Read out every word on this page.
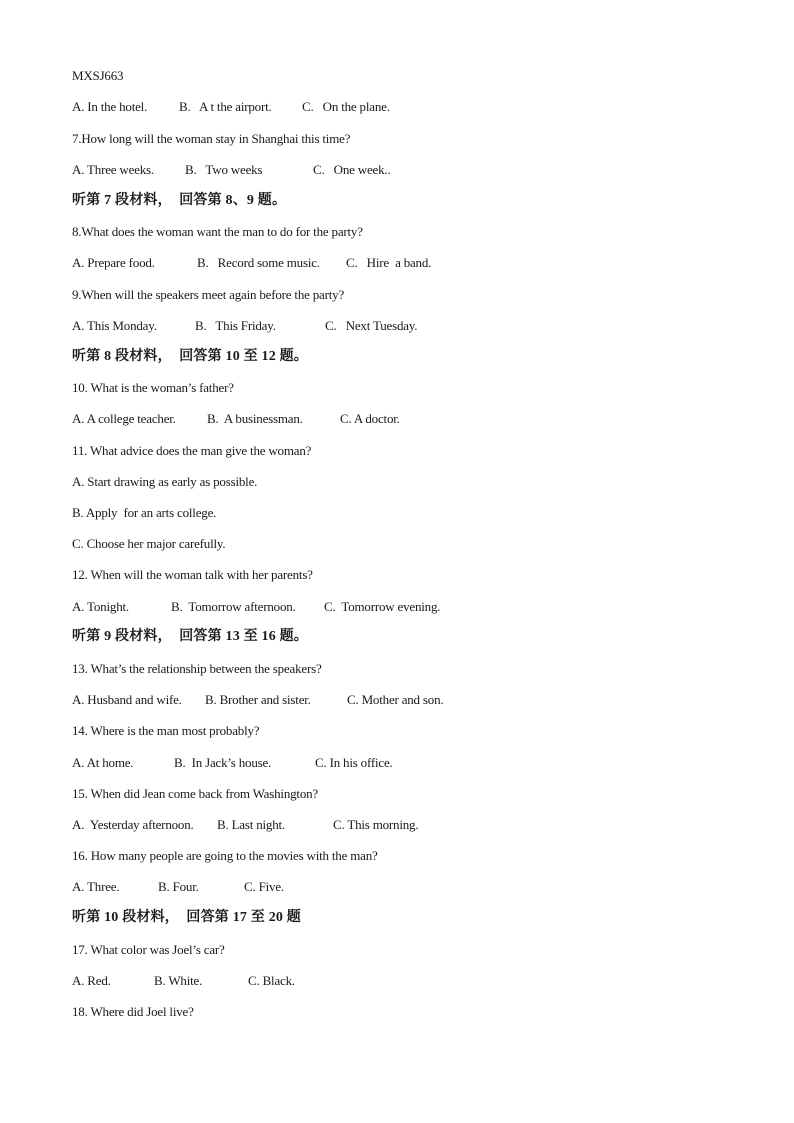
MXSJ663
A. In the hotel. B.   A t the airport. C.   On the plane.
7.How long will the woman stay in Shanghai this time?
A. Three weeks. B.   Two weeks	C.   One week..
听第 7 段材料，  回答第 8、9 题。
8.What does the woman want the man to do for the party?
A. Prepare food.	B.   Record some music. C.   Hire  a band.
9.When will the speakers meet again before the party?
A. This Monday.	B.   This Friday.	C.   Next Tuesday.
听第 8 段材料，  回答第 10 至 12 题。
10. What is the woman’s father?
A. A college teacher. B.  A businessman.	C. A doctor.
11. What advice does the man give the woman?
A. Start drawing as early as possible.
B. Apply  for an arts college.
C. Choose her major carefully.
12. When will the woman talk with her parents?
A. Tonight.	B.  Tomorrow afternoon. C.  Tomorrow evening.
听第 9 段材料，  回答第 13 至 16 题。
13. What’s the relationship between the speakers?
A. Husband and wife. B. Brother and sister.	C. Mother and son.
14. Where is the man most probably?
A. At home.	B.  In Jack’s house.	C. In his office.
15. When did Jean come back from Washington?
A.  Yesterday afternoon. B. Last night.	C. This morning.
16. How many people are going to the movies with the man?
A. Three.	B. Four.	C. Five.
听第 10 段材料，  回答第 17 至 20 题
17. What color was Joel’s car?
A. Red.	B. White.	C. Black.
18. Where did Joel live?
